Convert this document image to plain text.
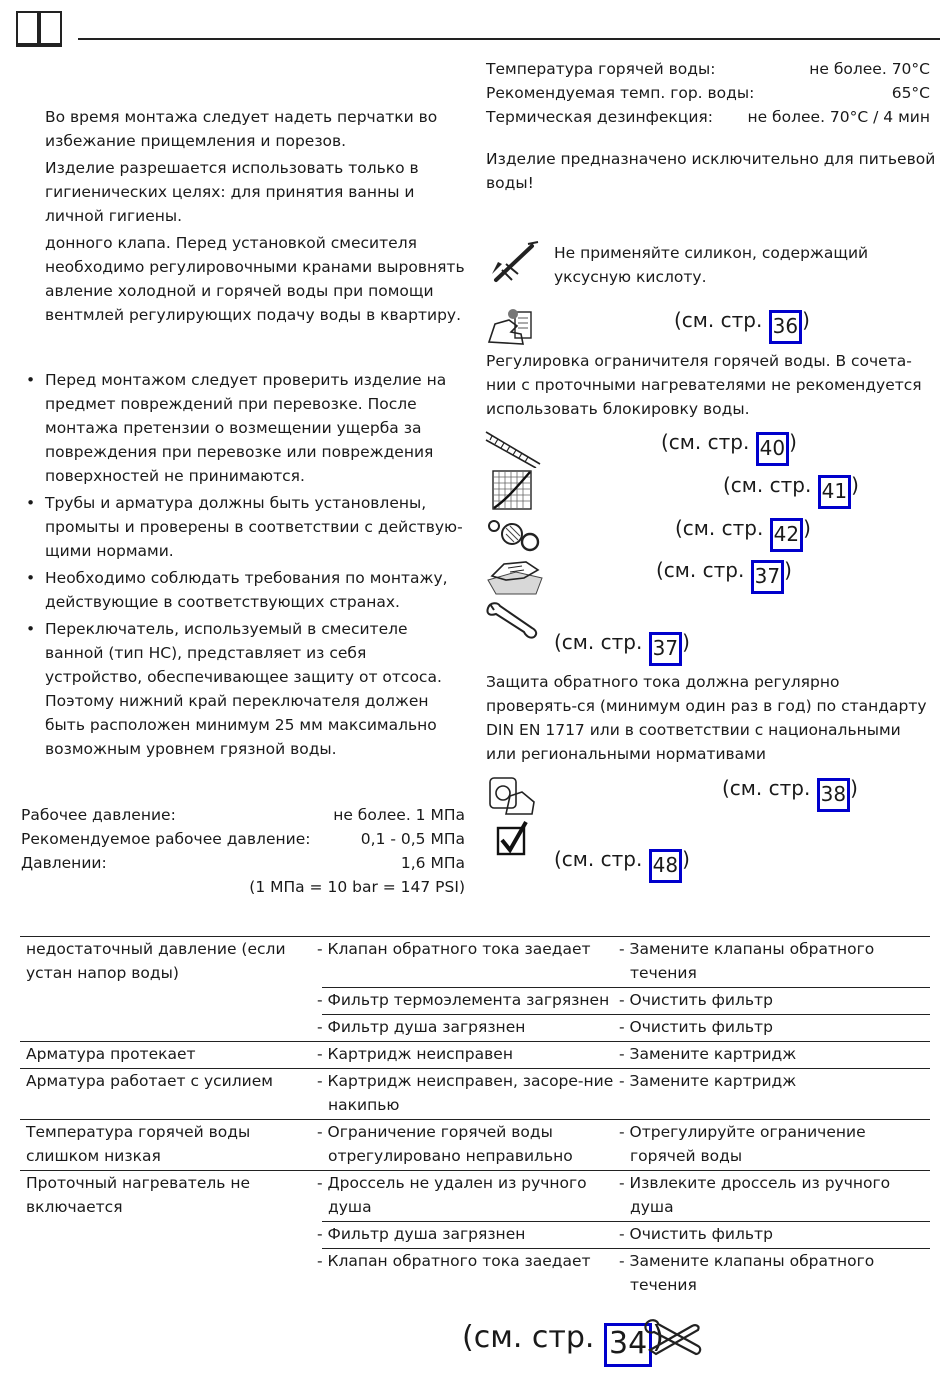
Во время монтажа следует надеть перчатки во избежание прищемления и порезов.

Изделие разрешается использовать только в гигиенических целях: для принятия ванны и личной гигиены.

донного клапа. Перед установкой смесителя необходимо регулировочными кранами выровнять авление холодной и горячей воды при помощи вентмлей регулирующих подачу воды в квартиру.

• Перед монтажом следует проверить изделие на предмет повреждений при перевозке. После монтажа претензии о возмещении ущерба за повреждения при перевозке или повреждения поверхностей не принимаются.
• Трубы и арматура должны быть установлены, промыты и проверены в соответствии с действую-щими нормами.
• Необходимо соблюдать требования по монтажу, действующие в соответствующих странах.
• Переключатель, используемый в смесителе ванной (тип HC), представляет из себя устройство, обеспечивающее защиту от отсоса. Поэтому нижний край переключателя должен быть расположен минимум 25 мм максимально возможным уровнем грязной воды.
Рабочее давление:	не более. 1 МПа
Рекомендуемое рабочее давление:	0,1 - 0,5 МПа
Давлении:	1,6 МПа
(1 МПа = 10 bar = 147 PSI)
Температура горячей воды:	не более. 70°C
Рекомендуемая темп. гор. воды:	65°C
Термическая дезинфекция: не более. 70°C / 4 мин
Изделие предназначено исключительно для питьевой воды!
Не применяйте силикон, содержащий уксусную кислоту.
(см. стр. 36 )
Регулировка ограничителя горячей воды. В сочета-нии с проточными нагревателями не рекомендуется использовать блокировку воды.
(см. стр. 40 )
(см. стр. 41 )
(см. стр. 42 )
(см. стр. 37 )
(см. стр. 37 )
Защита обратного тока должна регулярно проверять-ся (минимум один раз в год) по стандарту DIN EN 1717 или в соответствии с национальными или региональными нормативами
(см. стр. 38 )
(см. стр. 48 )
недостаточный давление (если устан напор воды)	- Клапан обратного тока заедает	- Замените клапаны обратного течения
	- Фильтр термоэлемента загрязнен	- Очистить фильтр
	- Фильтр душа загрязнен	- Очистить фильтр
Арматура протекает	- Картридж неисправен	- Замените картридж
Арматура работает с усилием	- Картридж неисправен, засоре-ние накипью	- Замените картридж
Температура горячей воды слишком низкая	- Ограничение горячей воды отрегулировано неправильно	- Отрегулируйте ограничение горячей воды
Проточный нагреватель не включается	- Дроссель не удален из ручного душа	- Извлеките дроссель из ручного душа
	- Фильтр душа загрязнен	- Очистить фильтр
	- Клапан обратного тока заедает	- Замените клапаны обратного течения
(см. стр. 34 )
